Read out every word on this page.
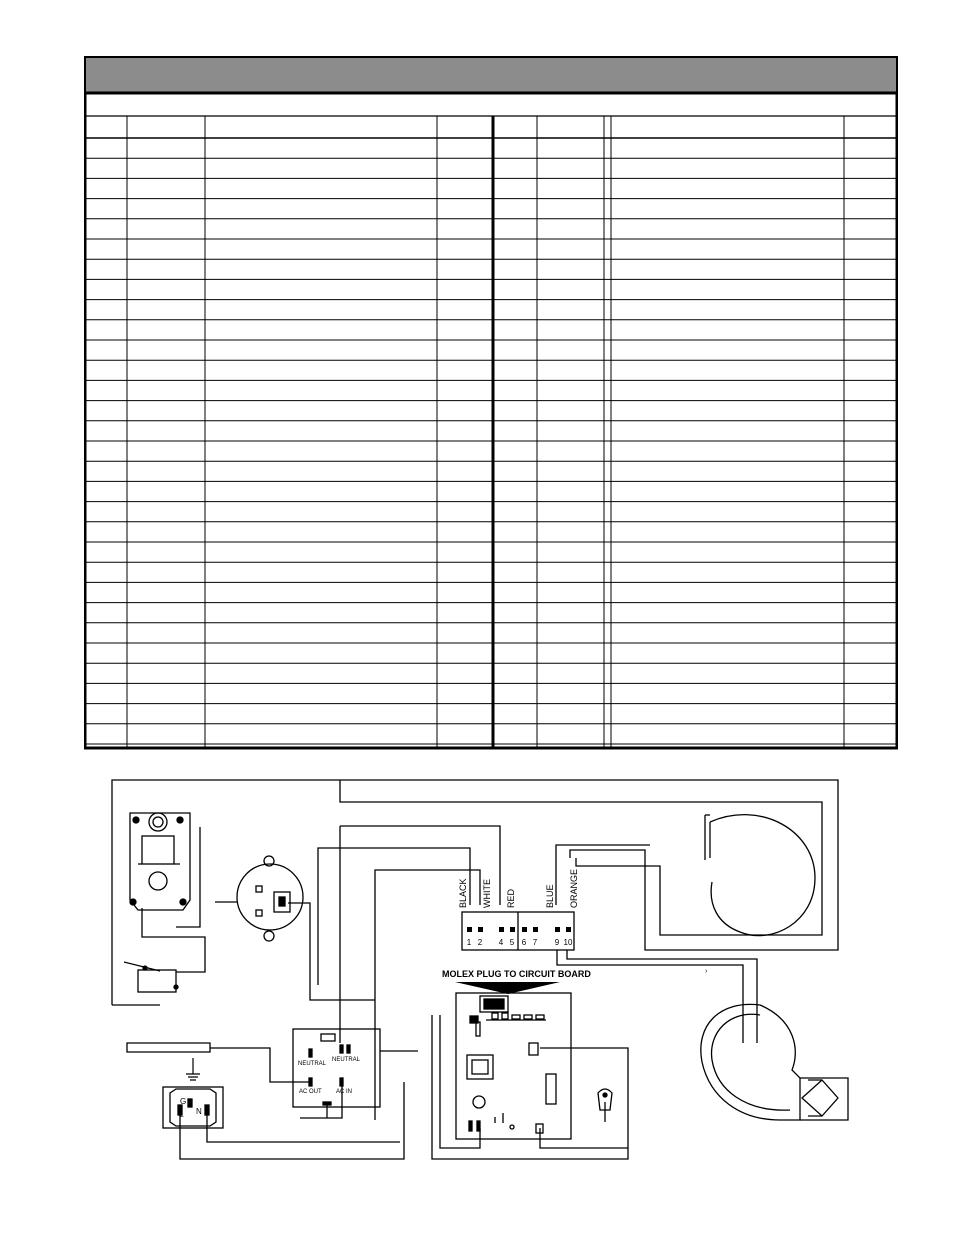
NEUTRAL
NEUTRAL
AC OUT AC IN
G
N
L
1 2 4 5 6 7 9 10
BLACK WHITE RED	BLUE ORANGE
MOLEX PLUG TO CIRCUIT BOARD	›
